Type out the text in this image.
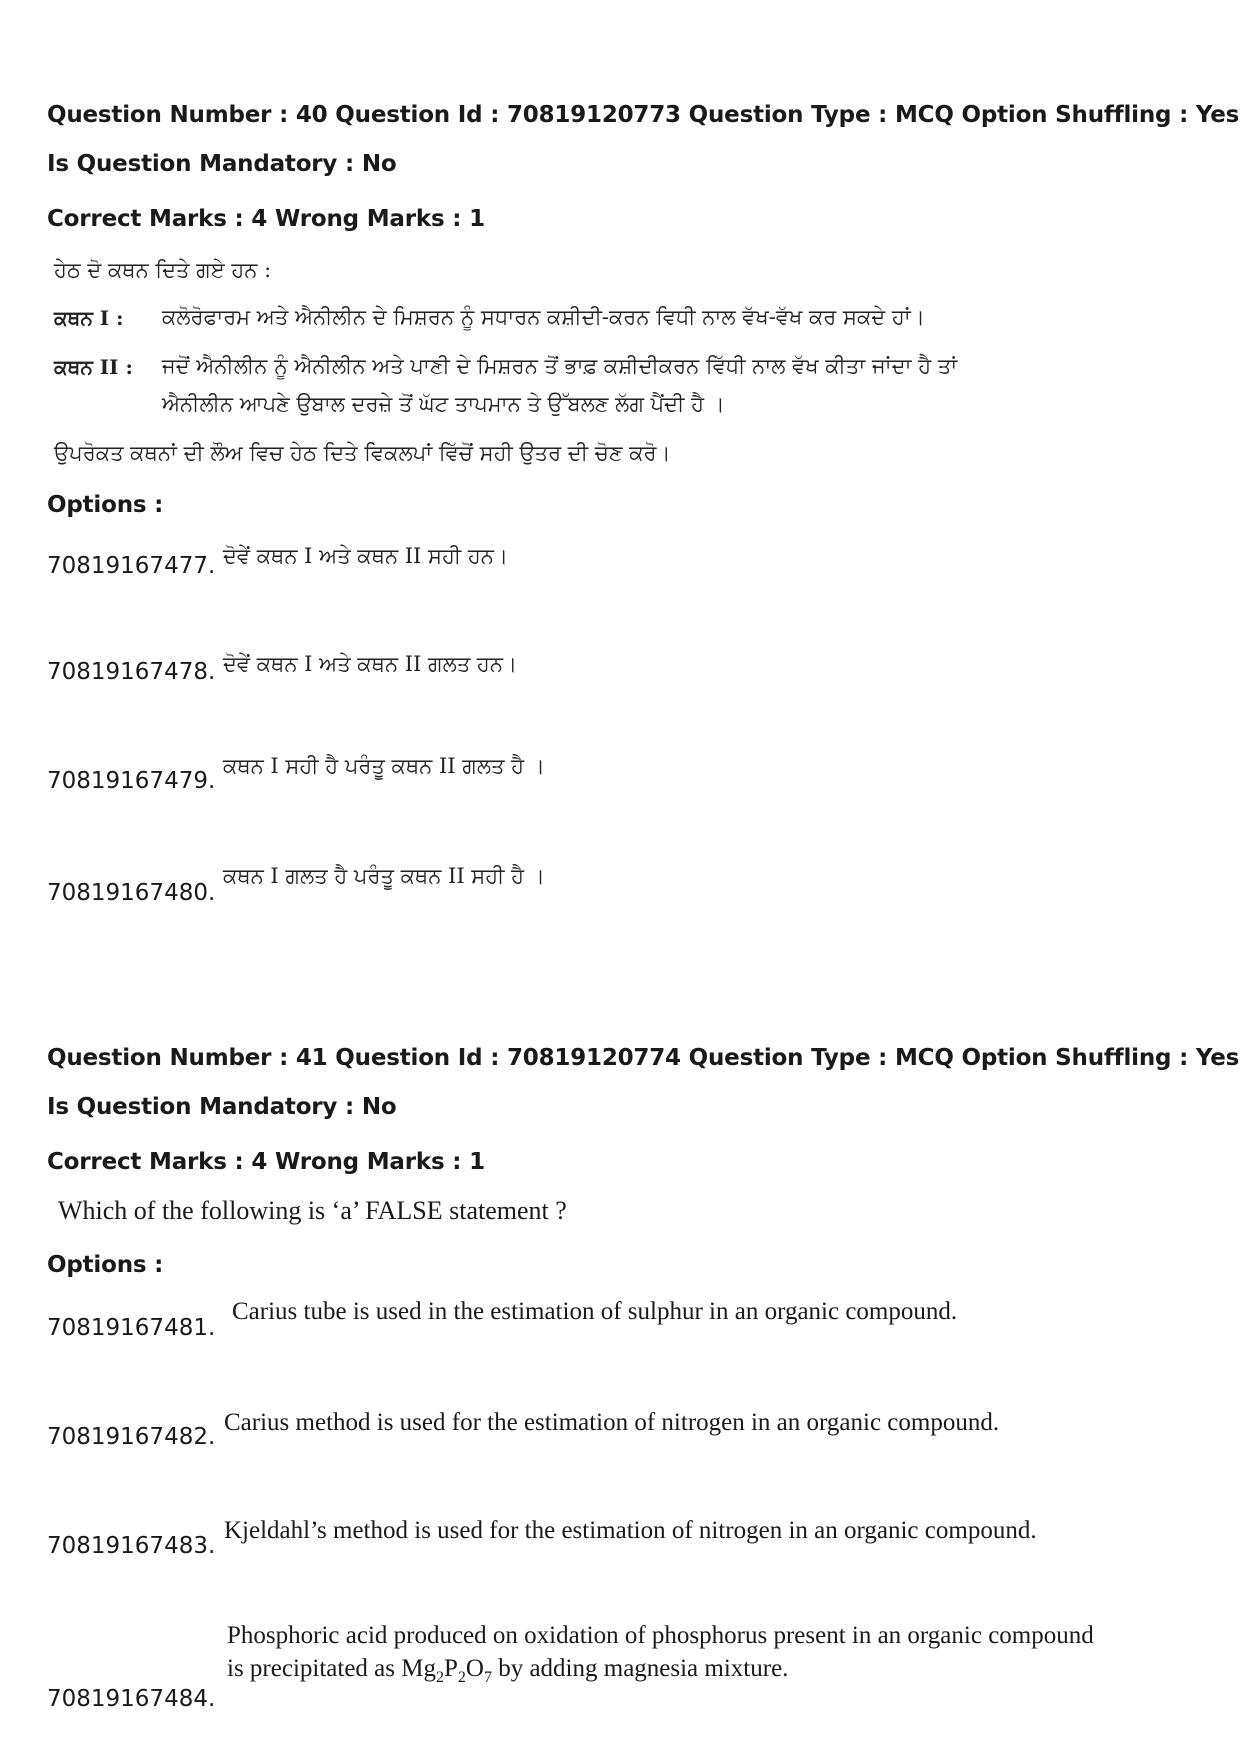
Question Number : 40 Question Id : 70819120773 Question Type : MCQ Option Shuffling : Yes
Is Question Mandatory : No
Correct Marks : 4 Wrong Marks : 1
ਹੇਠ ਦੋ ਕਥਨ ਦਿਤੇ ਗਏ ਹਨ :
ਕਥਨ I : ਕਲੋਰੋਫਾਰਮ ਅਤੇ ਐਨੀਲੀਨ ਦੇ ਮਿਸ਼ਰਨ ਨੂੰ ਸਧਾਰਨ ਕਸ਼ੀਦੀ-ਕਰਨ ਵਿਧੀ ਨਾਲ ਵੱਖ-ਵੱਖ ਕਰ ਸਕਦੇ ਹਾਂ।
ਕਥਨ II : ਜਦੋਂ ਐਨੀਲੀਨ ਨੂੰ ਐਨੀਲੀਨ ਅਤੇ ਪਾਣੀ ਦੇ ਮਿਸ਼ਰਨ ਤੋਂ ਭਾਫ਼ ਕਸ਼ੀਦੀਕਰਨ ਵਿੱਧੀ ਨਾਲ ਵੱਖ ਕੀਤਾ ਜਾਂਦਾ ਹੈ ਤਾਂ
ਐਨੀਲੀਨ ਆਪਣੇ ਉਬਾਲ ਦਰਜ਼ੇ ਤੋਂ ਘੱਟ ਤਾਪਮਾਨ ਤੇ ਉੱਬਲਣ ਲੱਗ ਪੈਂਦੀ ਹੈ ।
ਉਪਰੋਕਤ ਕਥਨਾਂ ਦੀ ਲੌਅ ਵਿਚ ਹੇਠ ਦਿਤੇ ਵਿਕਲਪਾਂ ਵਿੱਚੋਂ ਸਹੀ ਉਤਰ ਦੀ ਚੋਣ ਕਰੋ।
Options :
70819167477. ਦੋਵੇਂ ਕਥਨ I ਅਤੇ ਕਥਨ II ਸਹੀ ਹਨ।
70819167478. ਦੋਵੇਂ ਕਥਨ I ਅਤੇ ਕਥਨ II ਗਲਤ ਹਨ।
70819167479.
ਕਥਨ I ਸਹੀ ਹੈ ਪਰੰਤੂ ਕਥਨ II ਗਲਤ ਹੈ ।
70819167480.
ਕਥਨ I ਗਲਤ ਹੈ ਪਰੰਤੂ ਕਥਨ II ਸਹੀ ਹੈ ।
Question Number : 41 Question Id : 70819120774 Question Type : MCQ Option Shuffling : Yes
Is Question Mandatory : No
Correct Marks : 4 Wrong Marks : 1
Which of the following is ‘a’ FALSE statement ?
Options :
70819167481.
Carius tube is used in the estimation of sulphur in an organic compound.
70819167482.
Carius method is used for the estimation of nitrogen in an organic compound.
70819167483.
Kjeldahl’s method is used for the estimation of nitrogen in an organic compound.
70819167484.
Phosphoric acid produced on oxidation of phosphorus present in an organic compound
is precipitated as $Mg_2P_2O_7$ by adding magnesia mixture.
